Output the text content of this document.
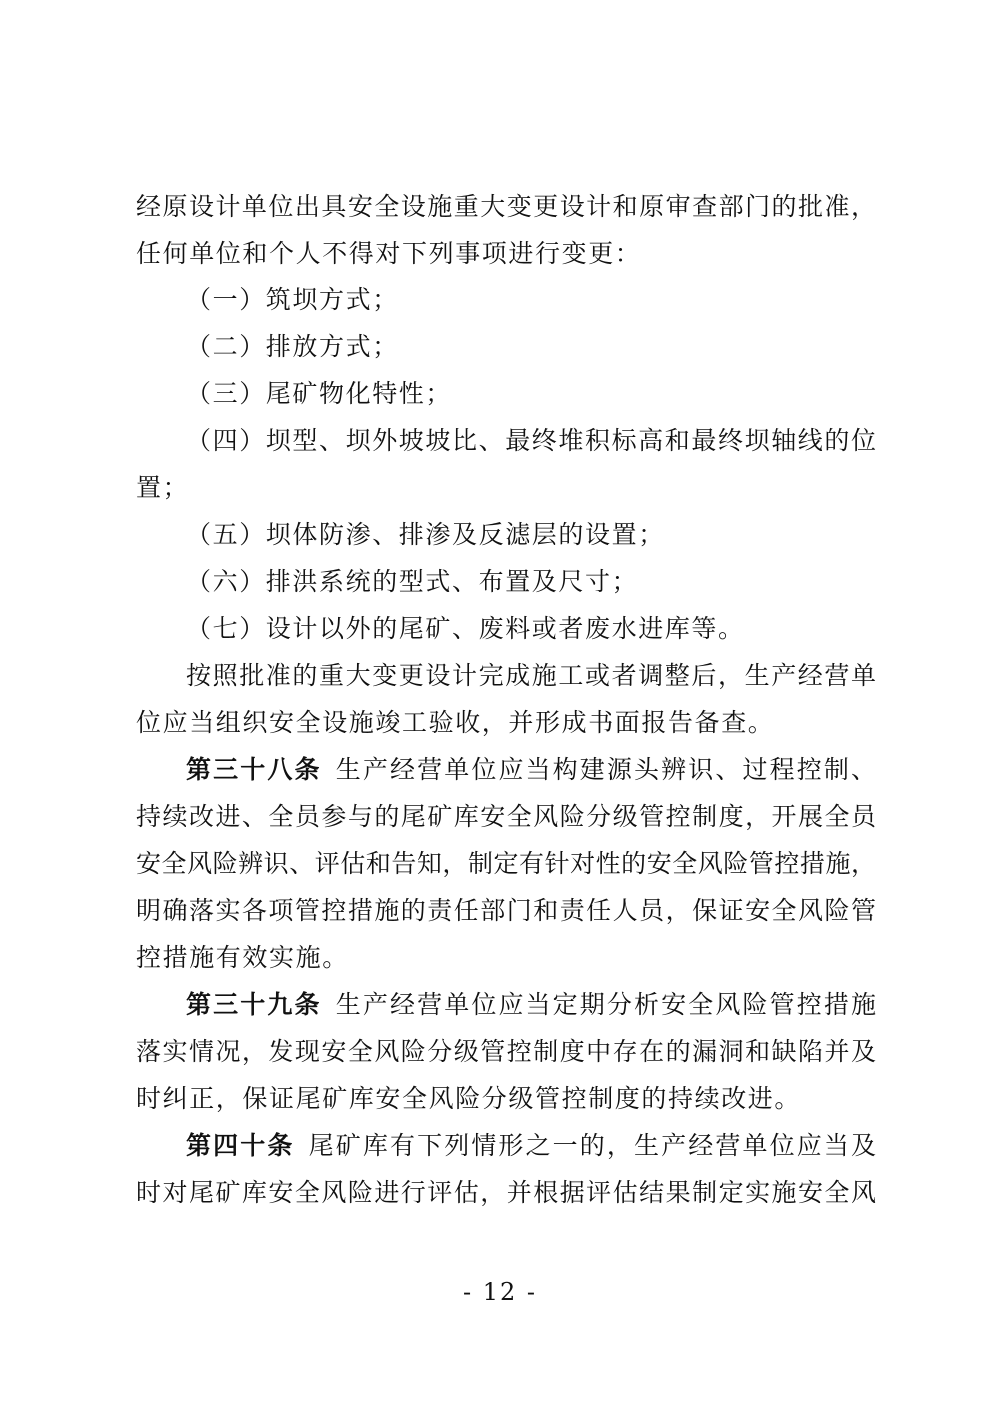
经原设计单位出具安全设施重大变更设计和原审查部门的批准，
任何单位和个人不得对下列事项进行变更：
（一）筑坝方式；
（二）排放方式；
（三）尾矿物化特性；
（四）坝型、坝外坡坡比、最终堆积标高和最终坝轴线的位
置；
（五）坝体防渗、排渗及反滤层的设置；
（六）排洪系统的型式、布置及尺寸；
（七）设计以外的尾矿、废料或者废水进库等。
按照批准的重大变更设计完成施工或者调整后，生产经营单
位应当组织安全设施竣工验收，并形成书面报告备查。
第三十八条 生产经营单位应当构建源头辨识、过程控制、
持续改进、全员参与的尾矿库安全风险分级管控制度，开展全员
安全风险辨识、评估和告知，制定有针对性的安全风险管控措施，
明确落实各项管控措施的责任部门和责任人员，保证安全风险管
控措施有效实施。
第三十九条 生产经营单位应当定期分析安全风险管控措施
落实情况，发现安全风险分级管控制度中存在的漏洞和缺陷并及
时纠正，保证尾矿库安全风险分级管控制度的持续改进。
第四十条 尾矿库有下列情形之一的，生产经营单位应当及
时对尾矿库安全风险进行评估，并根据评估结果制定实施安全风
- 12 -
